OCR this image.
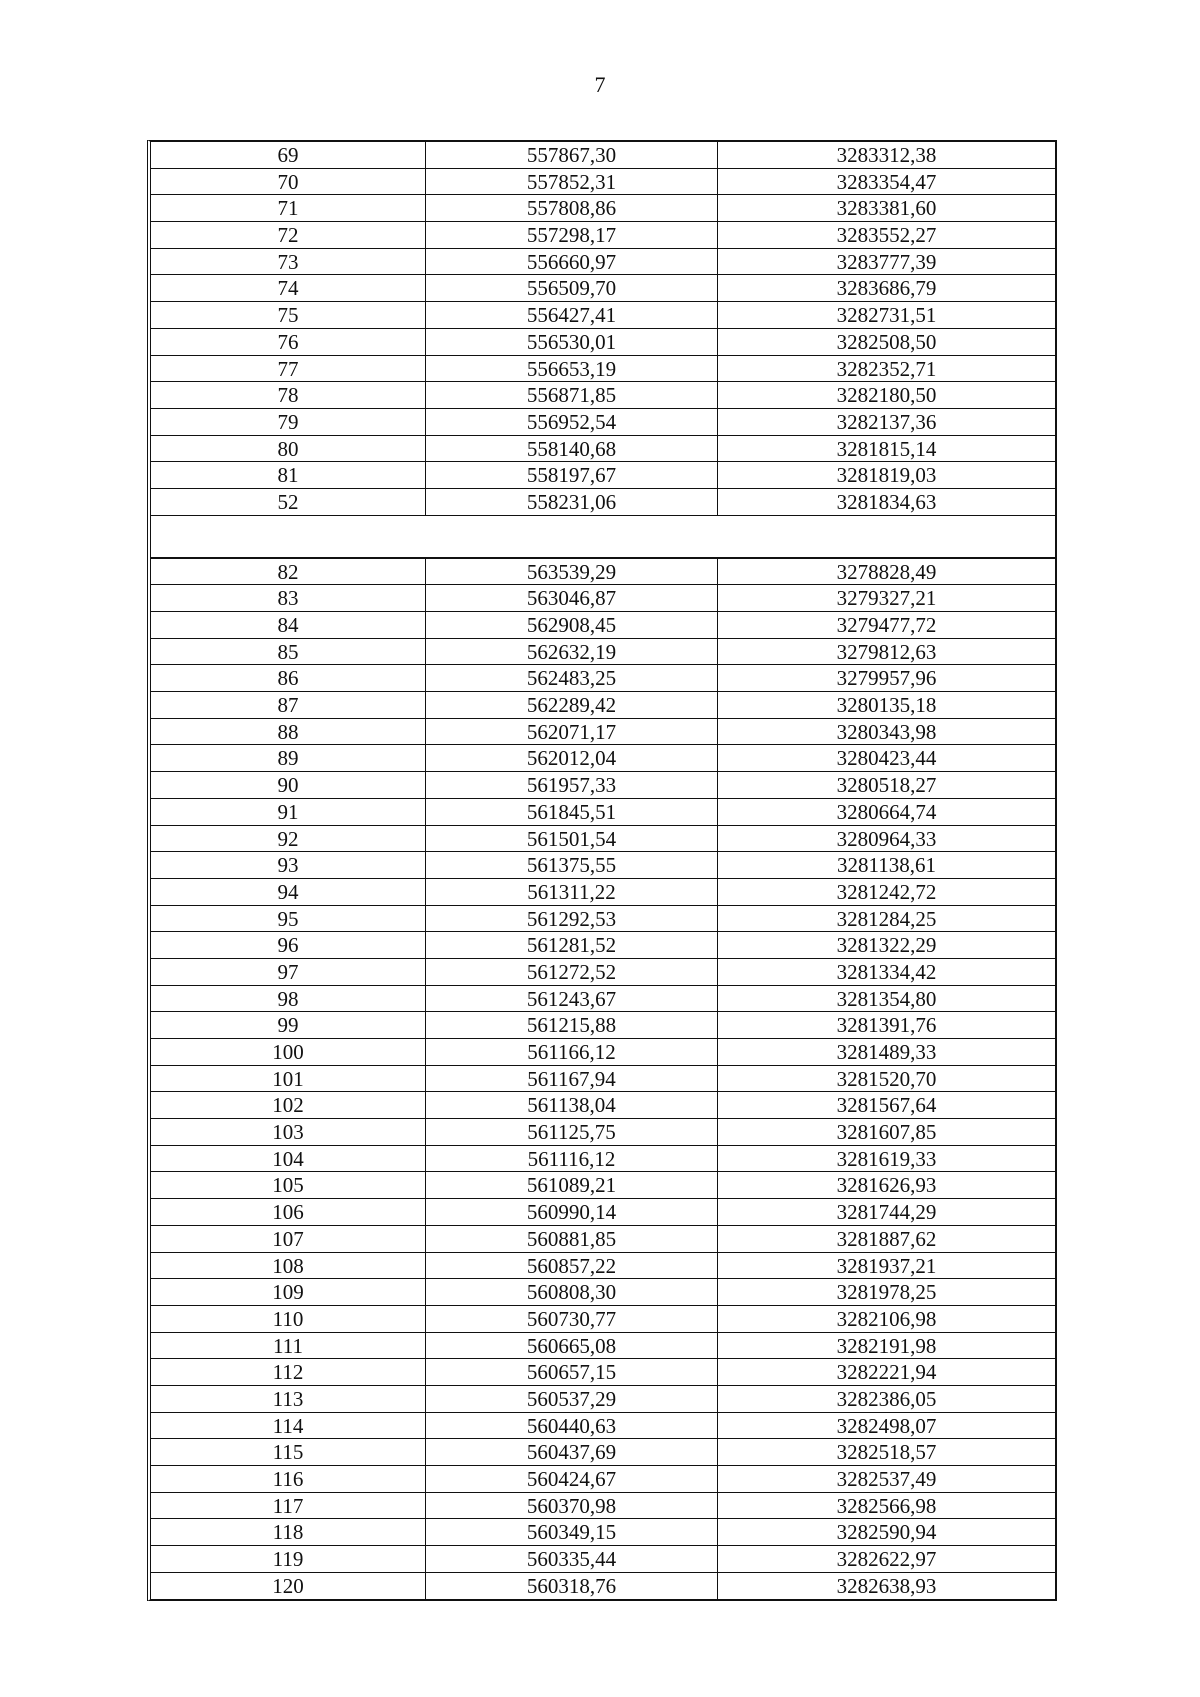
7
69	557867,30	3283312,38
70	557852,31	3283354,47
71	557808,86	3283381,60
72	557298,17	3283552,27
73	556660,97	3283777,39
74	556509,70	3283686,79
75	556427,41	3282731,51
76	556530,01	3282508,50
77	556653,19	3282352,71
78	556871,85	3282180,50
79	556952,54	3282137,36
80	558140,68	3281815,14
81	558197,67	3281819,03
52	558231,06	3281834,63
82	563539,29	3278828,49
83	563046,87	3279327,21
84	562908,45	3279477,72
85	562632,19	3279812,63
86	562483,25	3279957,96
87	562289,42	3280135,18
88	562071,17	3280343,98
89	562012,04	3280423,44
90	561957,33	3280518,27
91	561845,51	3280664,74
92	561501,54	3280964,33
93	561375,55	3281138,61
94	561311,22	3281242,72
95	561292,53	3281284,25
96	561281,52	3281322,29
97	561272,52	3281334,42
98	561243,67	3281354,80
99	561215,88	3281391,76
100	561166,12	3281489,33
101	561167,94	3281520,70
102	561138,04	3281567,64
103	561125,75	3281607,85
104	561116,12	3281619,33
105	561089,21	3281626,93
106	560990,14	3281744,29
107	560881,85	3281887,62
108	560857,22	3281937,21
109	560808,30	3281978,25
110	560730,77	3282106,98
111	560665,08	3282191,98
112	560657,15	3282221,94
113	560537,29	3282386,05
114	560440,63	3282498,07
115	560437,69	3282518,57
116	560424,67	3282537,49
117	560370,98	3282566,98
118	560349,15	3282590,94
119	560335,44	3282622,97
120	560318,76	3282638,93
